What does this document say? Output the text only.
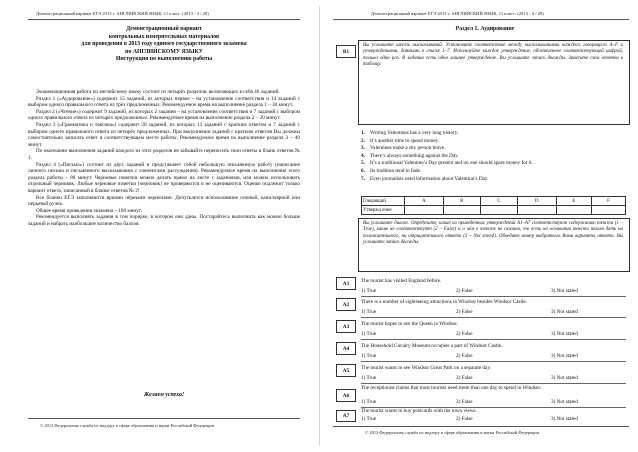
Демонстрационный вариант ЕГЭ 2013 г. АНГЛИЙСКИЙ ЯЗЫК, 11 класс. (2013 - 3 / 29)
Демонстрационный вариант
контрольных измерительных материалов
для проведения в 2013 году единого государственного экзамена
по АНГЛИЙСКОМУ ЯЗЫКУ
Инструкция по выполнению работы

Экзаменационная работа по английскому языку состоит из четырёх разделов, включающих в себя 46 заданий.

Раздел 1 («Аудирование») содержит 15 заданий, из которых первое – на установление соответствия и 14 заданий с выбором одного правильного ответа из трёх предложенных. Рекомендуемое время на выполнение раздела 1 – 30 минут.

Раздел 2 («Чтение») содержит 9 заданий, из которых 2 задания – на установление соответствия и 7 заданий с выбором одного правильного ответа из четырёх предложенных. Рекомендуемое время на выполнение раздела 2 – 30 минут.

Раздел 3 («Грамматика и лексика») содержит 20 заданий, из которых 13 заданий с кратким ответом и 7 заданий с выбором одного правильного ответа из четырёх предложенных. При выполнении заданий с кратким ответом Вы должны самостоятельно записать ответ в соответствующем месте работы. Рекомендуемое время на выполнение раздела 3 – 40 минут.

По окончании выполнения заданий каждого из этих разделов не забывайте переносить свои ответы в бланк ответов № 1.

Раздел 4 («Письмо») состоит из двух заданий и представляет собой небольшую письменную работу (написание личного письма и письменного высказывания с элементами рассуждения). Рекомендуемое время на выполнение этого раздела работы – 80 минут. Черновые пометки можно делать прямо на листе с заданиями, или можно использовать отдельный черновик. Любые черновые пометки (черновик) не проверяются и не оцениваются. Оценке подлежит только вариант ответа, записанный в бланке ответов № 2!

Все бланки ЕГЭ заполняются яркими чёрными чернилами. Допускается использование гелевой, капиллярной или перьевой ручек.

Общее время проведения экзамена – 180 минут.

Рекомендуется выполнять задания в том порядке, в котором они даны. Постарайтесь выполнить как можно больше заданий и набрать наибольшее количество баллов.

Желаем успеха!
© 2013 Федеральная служба по надзору в сфере образования и науки Российской Федерации
Демонстрационный вариант ЕГЭ 2013 г. АНГЛИЙСКИЙ ЯЗЫК, 11 класс. (2013 - 4 / 29)
Раздел 1. Аудирование
B1
Вы услышите шесть высказываний. Установите соответствие между высказываниями каждого говорящего A–F и утверждениями, данными в списке 1–7. Используйте каждое утверждение, обозначенное соответствующей цифрой, только один раз. В задании есть одно лишнее утверждение. Вы услышите запись дважды. Занесите свои ответы в таблицу.
1. Writing Valentines has a very long history.
2. It’s another time to spend money.
3. Valentines make a shy person brave.
4. There’s always something against the Day.
5. It’s a traditional Valentine’s Day present and no one should spare money for it.
6. Its tradition tend to fade.
7. Even journalists need information about Valentine’s Day.
Говорящий	A	B	C	D	E	F
Утвержд ение						
Вы услышите диалог. Определите, какие из приведённых утверждений А1–А7 соответствуют содержанию текста (1 – True), какие не соответствуют (2 – False) и о чём в тексте не сказано, то есть на основании текста нельзя дать ни положительного, ни отрицательного ответа (3 – Not stated). Обведите номер выбранного Вами варианта ответа. Вы услышите запись дважды.
A1	The tourist has visited England before.
1) True	2) False	3) Not stated
A2	There is a number of sightseeing attractions in Windsor besides Windsor Castle.
1) True	2) False	3) Not stated
A3	The tourist hopes to see the Queen in Windsor.
1) True	2) False	3) Not stated
A4	The Household Cavalry Museum occupies a part of Windsor Castle.
1) True	2) False	3) Not stated
A5	The tourist wants to see Windsor Great Park on a separate day.
1) True	2) False	3) Not stated
A6
The receptionist claims that most tourists need more than one day to spend in Windsor.
1) True	2) False	3) Not stated
A7
The tourist wants to buy postcards with the town views.
1) True	2) False	3) Not stated
© 2013 Федеральная служба по надзору в сфере образования и науки Российской Федерации
